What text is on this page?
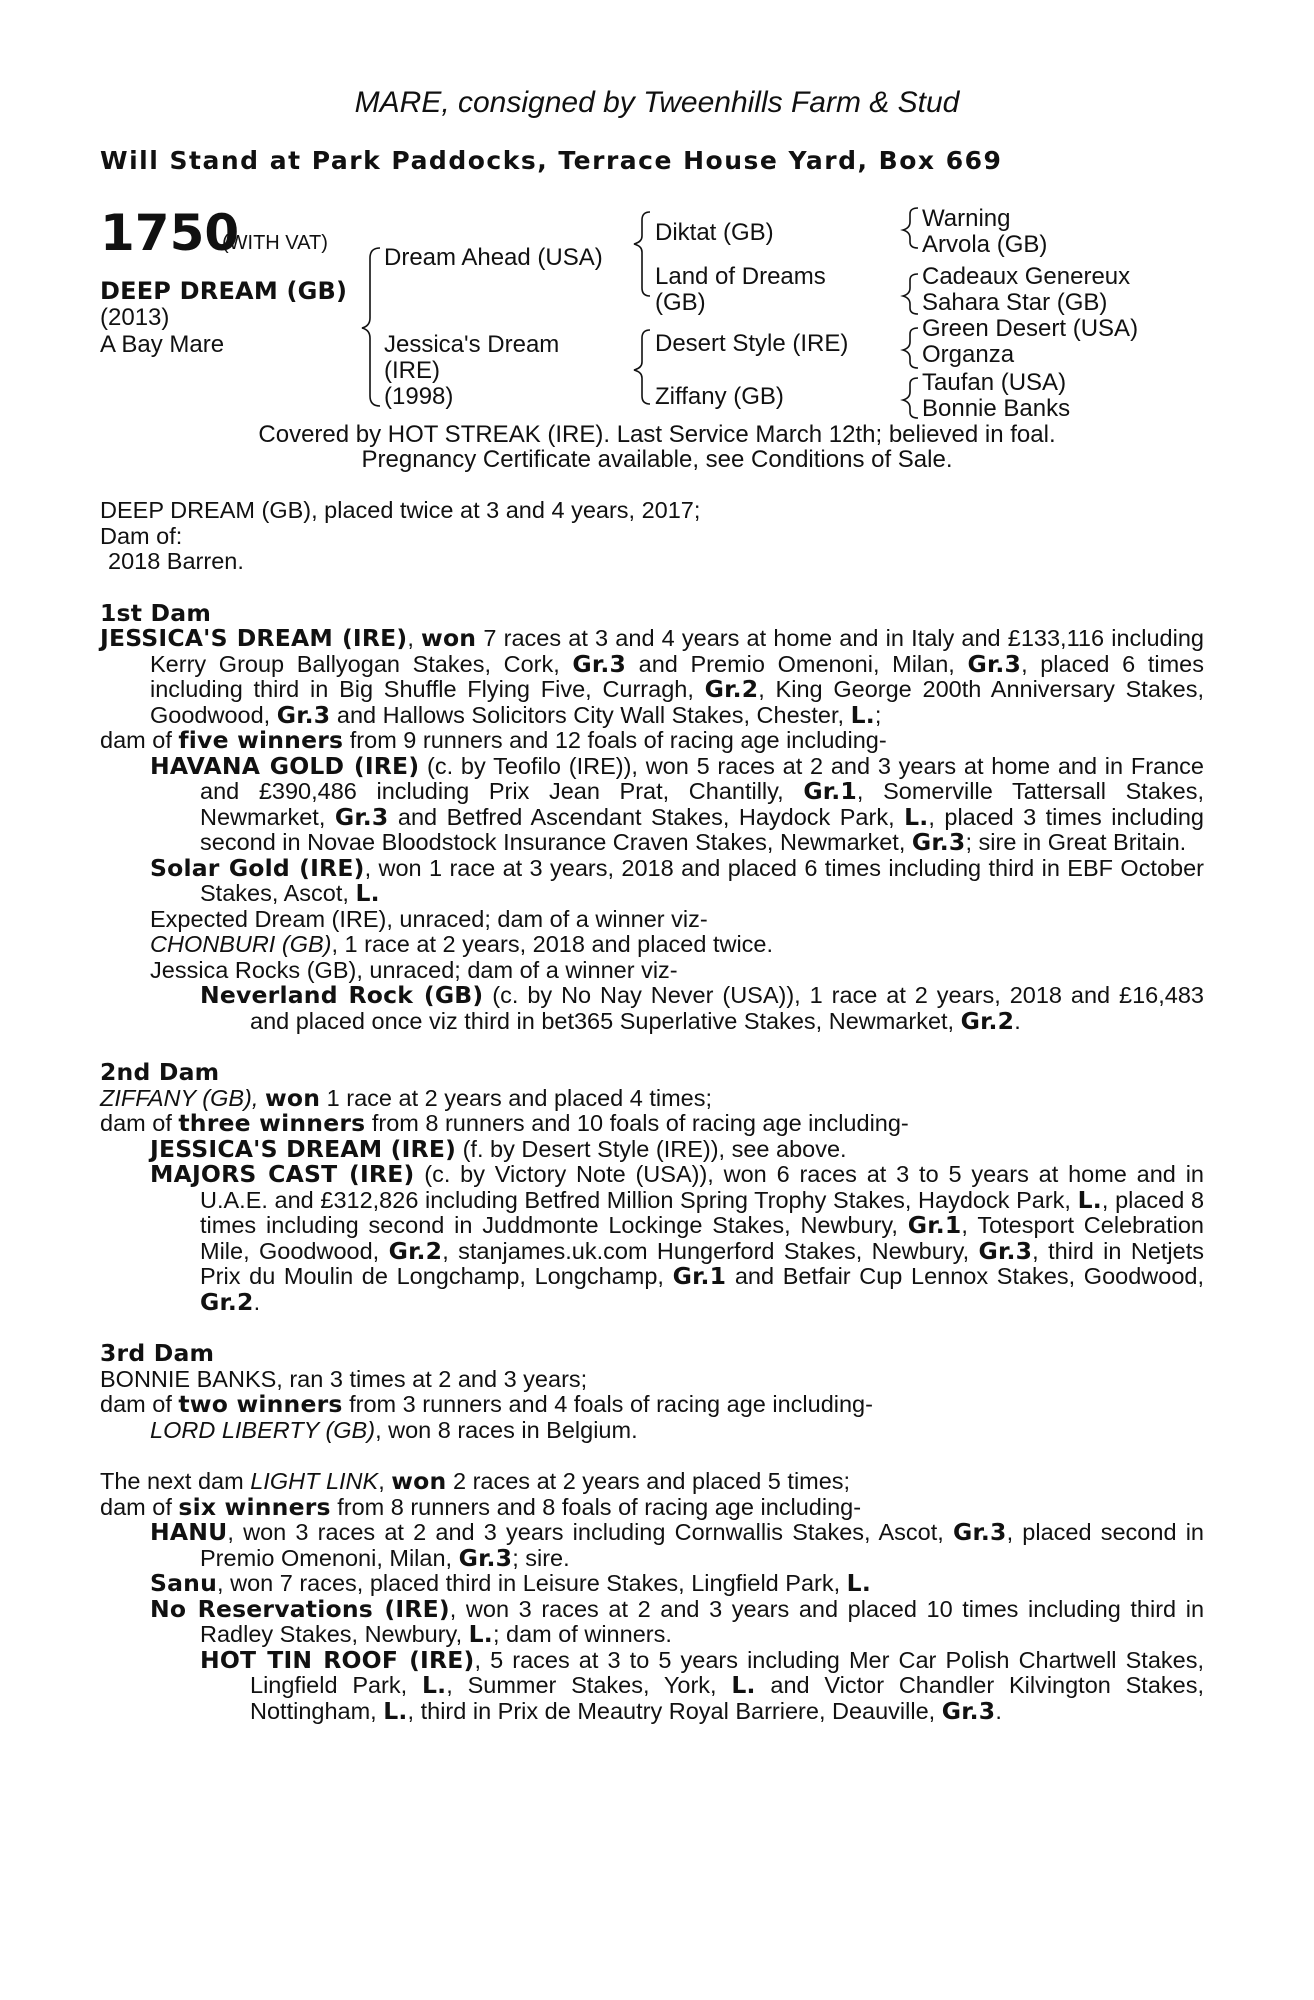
MARE, consigned by Tweenhills Farm & Stud
Will Stand at Park Paddocks, Terrace House Yard, Box 669
1750
(WITH VAT)
DEEP DREAM (GB)
(2013)
A Bay Mare
Dream Ahead (USA)
Jessica's Dream
(IRE)
(1998)
Diktat (GB)
Land of Dreams
(GB)
Desert Style (IRE)
Ziffany (GB)
Warning
Arvola (GB)
Cadeaux Genereux
Sahara Star (GB)
Green Desert (USA)
Organza
Taufan (USA)
Bonnie Banks
Covered by HOT STREAK (IRE). Last Service March 12th; believed in foal.
Pregnancy Certificate available, see Conditions of Sale.

DEEP DREAM (GB), placed twice at 3 and 4 years, 2017;

Dam of:

2018 Barren.

1st Dam

JESSICA'S DREAM (IRE), won 7 races at 3 and 4 years at home and in Italy and £133,116 including Kerry Group Ballyogan Stakes, Cork, Gr.3 and Premio Omenoni, Milan, Gr.3, placed 6 times including third in Big Shuffle Flying Five, Curragh, Gr.2, King George 200th Anniversary Stakes, Goodwood, Gr.3 and Hallows Solicitors City Wall Stakes, Chester, L.;

dam of five winners from 9 runners and 12 foals of racing age including-

HAVANA GOLD (IRE) (c. by Teofilo (IRE)), won 5 races at 2 and 3 years at home and in France and £390,486 including Prix Jean Prat, Chantilly, Gr.1, Somerville Tattersall Stakes, Newmarket, Gr.3 and Betfred Ascendant Stakes, Haydock Park, L., placed 3 times including second in Novae Bloodstock Insurance Craven Stakes, Newmarket, Gr.3; sire in Great Britain.

Solar Gold (IRE), won 1 race at 3 years, 2018 and placed 6 times including third in EBF October Stakes, Ascot, L.

Expected Dream (IRE), unraced; dam of a winner viz-

CHONBURI (GB), 1 race at 2 years, 2018 and placed twice.

Jessica Rocks (GB), unraced; dam of a winner viz-

Neverland Rock (GB) (c. by No Nay Never (USA)), 1 race at 2 years, 2018 and £16,483 and placed once viz third in bet365 Superlative Stakes, Newmarket, Gr.2.

2nd Dam

ZIFFANY (GB), won 1 race at 2 years and placed 4 times;

dam of three winners from 8 runners and 10 foals of racing age including-

JESSICA'S DREAM (IRE) (f. by Desert Style (IRE)), see above.

MAJORS CAST (IRE) (c. by Victory Note (USA)), won 6 races at 3 to 5 years at home and in U.A.E. and £312,826 including Betfred Million Spring Trophy Stakes, Haydock Park, L., placed 8 times including second in Juddmonte Lockinge Stakes, Newbury, Gr.1, Totesport Celebration Mile, Goodwood, Gr.2, stanjames.uk.com Hungerford Stakes, Newbury, Gr.3, third in Netjets Prix du Moulin de Longchamp, Longchamp, Gr.1 and Betfair Cup Lennox Stakes, Goodwood, Gr.2.

3rd Dam

BONNIE BANKS, ran 3 times at 2 and 3 years;

dam of two winners from 3 runners and 4 foals of racing age including-

LORD LIBERTY (GB), won 8 races in Belgium.

The next dam LIGHT LINK, won 2 races at 2 years and placed 5 times;

dam of six winners from 8 runners and 8 foals of racing age including-

HANU, won 3 races at 2 and 3 years including Cornwallis Stakes, Ascot, Gr.3, placed second in Premio Omenoni, Milan, Gr.3; sire.

Sanu, won 7 races, placed third in Leisure Stakes, Lingfield Park, L.

No Reservations (IRE), won 3 races at 2 and 3 years and placed 10 times including third in Radley Stakes, Newbury, L.; dam of winners.

HOT TIN ROOF (IRE), 5 races at 3 to 5 years including Mer Car Polish Chartwell Stakes, Lingfield Park, L., Summer Stakes, York, L. and Victor Chandler Kilvington Stakes, Nottingham, L., third in Prix de Meautry Royal Barriere, Deauville, Gr.3.
